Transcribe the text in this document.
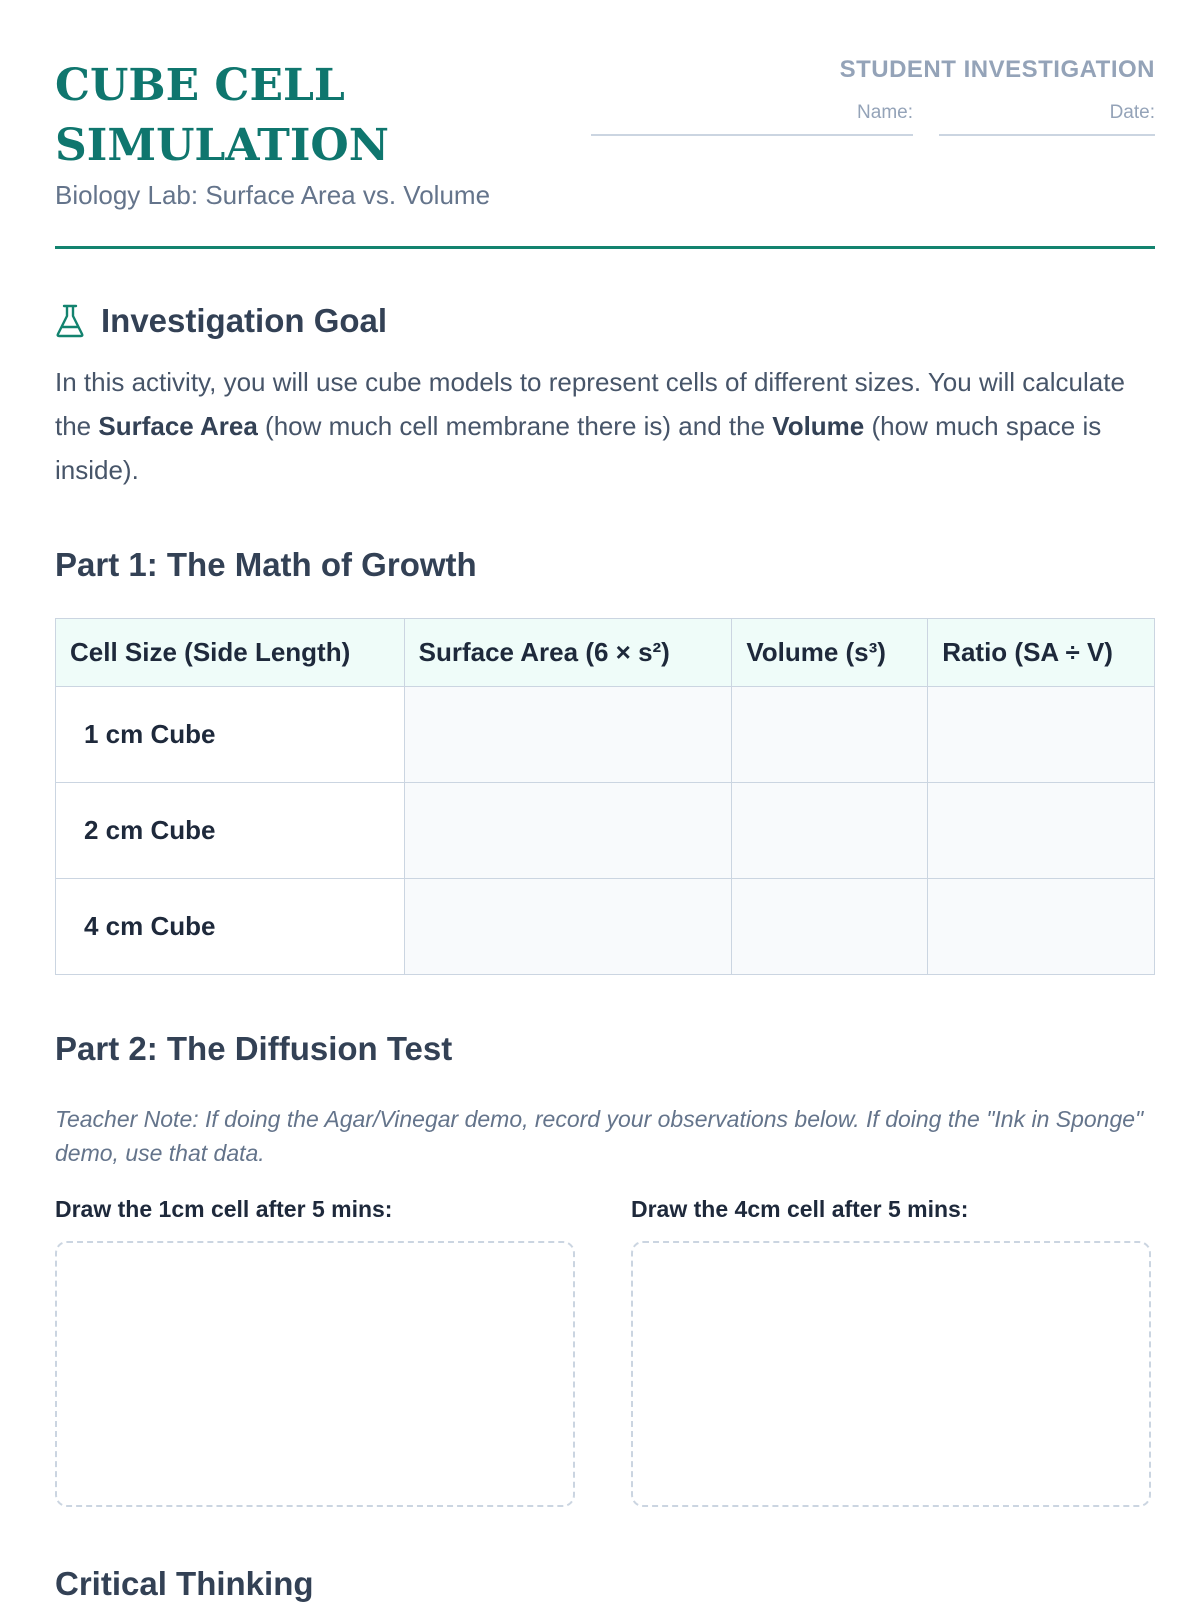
CUBE CELL
SIMULATION
Biology Lab: Surface Area vs. Volume
STUDENT INVESTIGATION
Name:	Date:
Investigation Goal

In this activity, you will use cube models to represent cells of different sizes. You will calculate the Surface Area (how much cell membrane there is) and the Volume (how much space is inside).

Part 1: The Math of Growth
Cell Size (Side Length)	Surface Area (6 × s²)	Volume (s³)	Ratio (SA ÷ V)
1 cm Cube			
2 cm Cube			
4 cm Cube			
Part 2: The Diffusion Test

Teacher Note: If doing the Agar/Vinegar demo, record your observations below. If doing the "Ink in Sponge" demo, use that data.

Draw the 1cm cell after 5 mins:	Draw the 4cm cell after 5 mins:
Critical Thinking
